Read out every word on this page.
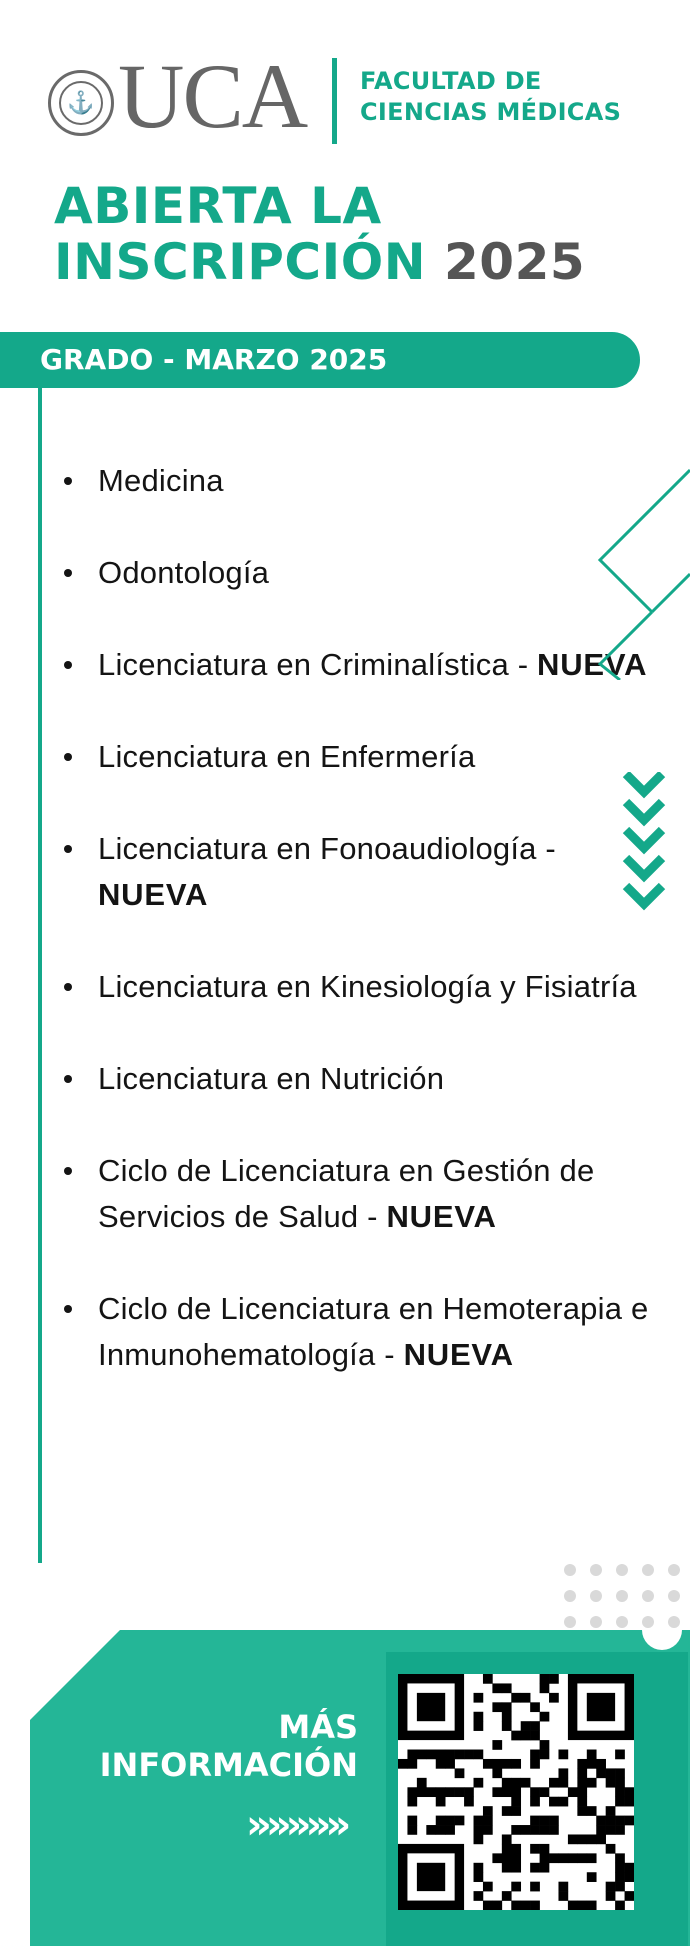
⚓ UCA FACULTAD DE
CIENCIAS MÉDICAS
ABIERTA LA
INSCRIPCIÓN 2025
GRADO - MARZO 2025
Medicina
Odontología
Licenciatura en Criminalística - NUEVA
Licenciatura en Enfermería
Licenciatura en Fonoaudiología - NUEVA
Licenciatura en Kinesiología y Fisiatría
Licenciatura en Nutrición
Ciclo de Licenciatura en Gestión de Servicios de Salud - NUEVA
Ciclo de Licenciatura en Hemoterapia e Inmunohematología - NUEVA
MÁS
INFORMACIÓN
»»»»»
